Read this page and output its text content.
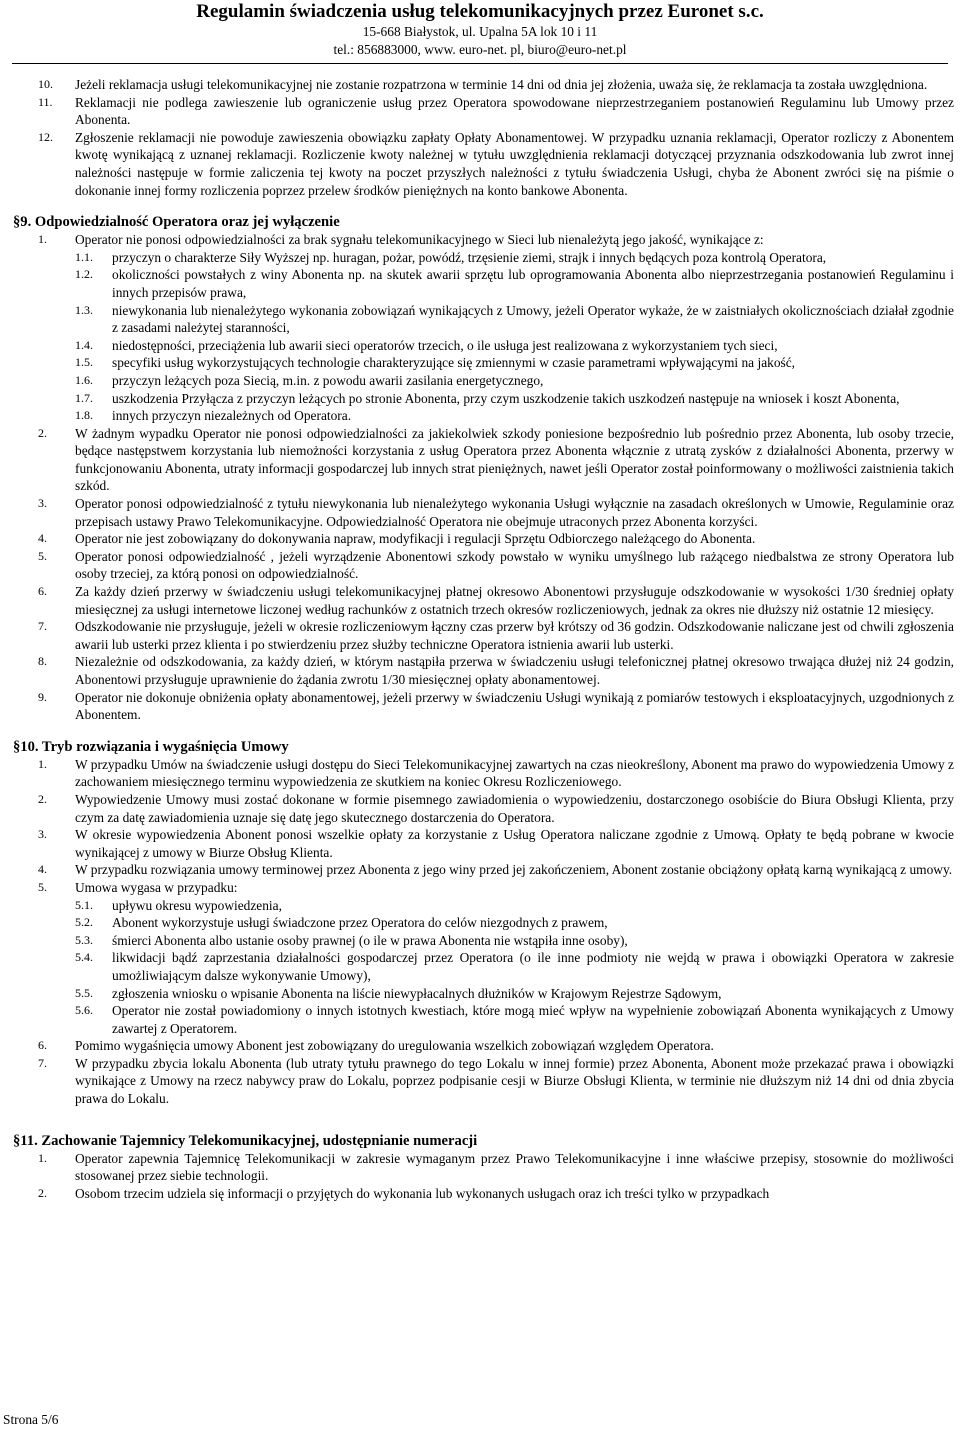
Regulamin świadczenia usług telekomunikacyjnych przez Euronet s.c.
15-668 Białystok, ul. Upalna 5A lok 10 i 11
tel.: 856883000, www. euro-net. pl, biuro@euro-net.pl
10.	Jeżeli reklamacja usługi telekomunikacyjnej nie zostanie rozpatrzona w terminie 14 dni od dnia jej złożenia, uważa się, że reklamacja ta została uwzględniona.
11.	Reklamacji nie podlega zawieszenie lub ograniczenie usług przez Operatora spowodowane nieprzestrzeganiem postanowień Regulaminu lub Umowy przez Abonenta.
12.	Zgłoszenie reklamacji nie powoduje zawieszenia obowiązku zapłaty Opłaty Abonamentowej. W przypadku uznania reklamacji, Operator rozliczy z Abonentem kwotę wynikającą z uznanej reklamacji. Rozliczenie kwoty należnej w tytułu uwzględnienia reklamacji dotyczącej przyznania odszkodowania lub zwrot innej należności następuje w formie zaliczenia tej kwoty na poczet przyszłych należności z tytułu świadczenia Usługi, chyba że Abonent zwróci się na piśmie o dokonanie innej formy rozliczenia poprzez przelew środków pieniężnych na konto bankowe Abonenta.
§9. Odpowiedzialność Operatora oraz jej wyłączenie
1.	Operator nie ponosi odpowiedzialności za brak sygnału telekomunikacyjnego w Sieci lub nienależytą jego jakość, wynikające z:
1.1.	przyczyn o charakterze Siły Wyższej np. huragan, pożar, powódź, trzęsienie ziemi, strajk i innych będących poza kontrolą Operatora,
1.2.	okoliczności powstałych z winy Abonenta np. na skutek awarii sprzętu lub oprogramowania Abonenta albo nieprzestrzegania postanowień Regulaminu i innych przepisów prawa,
1.3.	niewykonania lub nienależytego wykonania zobowiązań wynikających z Umowy, jeżeli Operator wykaże, że w zaistniałych okolicznościach działał zgodnie z zasadami należytej staranności,
1.4.	niedostępności, przeciążenia lub awarii sieci operatorów trzecich, o ile usługa jest realizowana z wykorzystaniem tych sieci,
1.5.	specyfiki usług wykorzystujących technologie charakteryzujące się zmiennymi w czasie parametrami wpływającymi na jakość,
1.6.	przyczyn leżących poza Siecią, m.in. z powodu awarii zasilania energetycznego,
1.7.	uszkodzenia Przyłącza z przyczyn leżących po stronie Abonenta, przy czym uszkodzenie takich uszkodzeń następuje na wniosek i koszt Abonenta,
1.8.	innych przyczyn niezależnych od Operatora.
2.	W żadnym wypadku Operator nie ponosi odpowiedzialności za jakiekolwiek szkody poniesione bezpośrednio lub pośrednio przez Abonenta, lub osoby trzecie, będące następstwem korzystania lub niemożności korzystania z usług Operatora przez Abonenta włącznie z utratą zysków z działalności Abonenta, przerwy w funkcjonowaniu Abonenta, utraty informacji gospodarczej lub innych strat pieniężnych, nawet jeśli Operator został poinformowany o możliwości zaistnienia takich szkód.
3.	Operator ponosi odpowiedzialność z tytułu niewykonania lub nienależytego wykonania Usługi wyłącznie na zasadach określonych w Umowie, Regulaminie oraz przepisach ustawy Prawo Telekomunikacyjne. Odpowiedzialność Operatora nie obejmuje utraconych przez Abonenta korzyści.
4.	Operator nie jest zobowiązany do dokonywania napraw, modyfikacji i regulacji Sprzętu Odbiorczego należącego do Abonenta.
5.	Operator ponosi odpowiedzialność , jeżeli wyrządzenie Abonentowi szkody powstało w wyniku umyślnego lub rażącego niedbalstwa ze strony Operatora lub osoby trzeciej, za którą ponosi on odpowiedzialność.
6.	Za każdy dzień przerwy w świadczeniu usługi telekomunikacyjnej płatnej okresowo Abonentowi przysługuje odszkodowanie w wysokości 1/30 średniej opłaty miesięcznej za usługi internetowe liczonej według rachunków z ostatnich trzech okresów rozliczeniowych, jednak za okres nie dłuższy niż ostatnie 12 miesięcy.
7.	Odszkodowanie nie przysługuje, jeżeli w okresie rozliczeniowym łączny czas przerw był krótszy od 36 godzin. Odszkodowanie naliczane jest od chwili zgłoszenia awarii lub usterki przez klienta i po stwierdzeniu przez służby techniczne Operatora istnienia awarii lub usterki.
8.	Niezależnie od odszkodowania, za każdy dzień, w którym nastąpiła przerwa w świadczeniu usługi telefonicznej płatnej okresowo trwająca dłużej niż 24 godzin, Abonentowi przysługuje uprawnienie do żądania zwrotu 1/30 miesięcznej opłaty abonamentowej.
9.	Operator nie dokonuje obniżenia opłaty abonamentowej, jeżeli przerwy w świadczeniu Usługi wynikają z pomiarów testowych i eksploatacyjnych, uzgodnionych z Abonentem.
§10. Tryb rozwiązania i wygaśnięcia Umowy
1.	W przypadku Umów na świadczenie usługi dostępu do Sieci Telekomunikacyjnej zawartych na czas nieokreślony, Abonent ma prawo do wypowiedzenia Umowy z zachowaniem miesięcznego terminu wypowiedzenia ze skutkiem na koniec Okresu Rozliczeniowego.
2.	Wypowiedzenie Umowy musi zostać dokonane w formie pisemnego zawiadomienia o wypowiedzeniu, dostarczonego osobiście do Biura Obsługi Klienta, przy czym za datę zawiadomienia uznaje się datę jego skutecznego dostarczenia do Operatora.
3.	W okresie wypowiedzenia Abonent ponosi wszelkie opłaty za korzystanie z Usług Operatora naliczane zgodnie z Umową. Opłaty te będą pobrane w kwocie wynikającej z umowy w Biurze Obsług Klienta.
4.	W przypadku rozwiązania umowy terminowej przez Abonenta z jego winy przed jej zakończeniem, Abonent zostanie obciążony opłatą karną wynikającą z umowy.
5.	Umowa wygasa w przypadku:
5.1.	upływu okresu wypowiedzenia,
5.2.	Abonent wykorzystuje usługi świadczone przez Operatora do celów niezgodnych z prawem,
5.3.	śmierci Abonenta albo ustanie osoby prawnej (o ile w prawa Abonenta nie wstąpiła inne osoby),
5.4.	likwidacji bądź zaprzestania działalności gospodarczej przez Operatora (o ile inne podmioty nie wejdą w prawa i obowiązki Operatora w zakresie umożliwiającym dalsze wykonywanie Umowy),
5.5.	zgłoszenia wniosku o wpisanie Abonenta na liście niewypłacalnych dłużników w Krajowym Rejestrze Sądowym,
5.6.	Operator nie został powiadomiony o innych istotnych kwestiach, które mogą mieć wpływ na wypełnienie zobowiązań Abonenta wynikających z Umowy zawartej z Operatorem.
6.	Pomimo wygaśnięcia umowy Abonent jest zobowiązany do uregulowania wszelkich zobowiązań względem Operatora.
7.	W przypadku zbycia lokalu Abonenta (lub utraty tytułu prawnego do tego Lokalu w innej formie) przez Abonenta, Abonent może przekazać prawa i obowiązki wynikające z Umowy na rzecz nabywcy praw do Lokalu, poprzez podpisanie cesji w Biurze Obsługi Klienta, w terminie nie dłuższym niż 14 dni od dnia zbycia prawa do Lokalu.
§11. Zachowanie Tajemnicy Telekomunikacyjnej, udostępnianie numeracji
1.	Operator zapewnia Tajemnicę Telekomunikacji w zakresie wymaganym przez Prawo Telekomunikacyjne i inne właściwe przepisy, stosownie do możliwości stosowanej przez siebie technologii.
2.	Osobom trzecim udziela się informacji o przyjętych do wykonania lub wykonanych usługach oraz ich treści tylko w przypadkach
Strona 5/6
